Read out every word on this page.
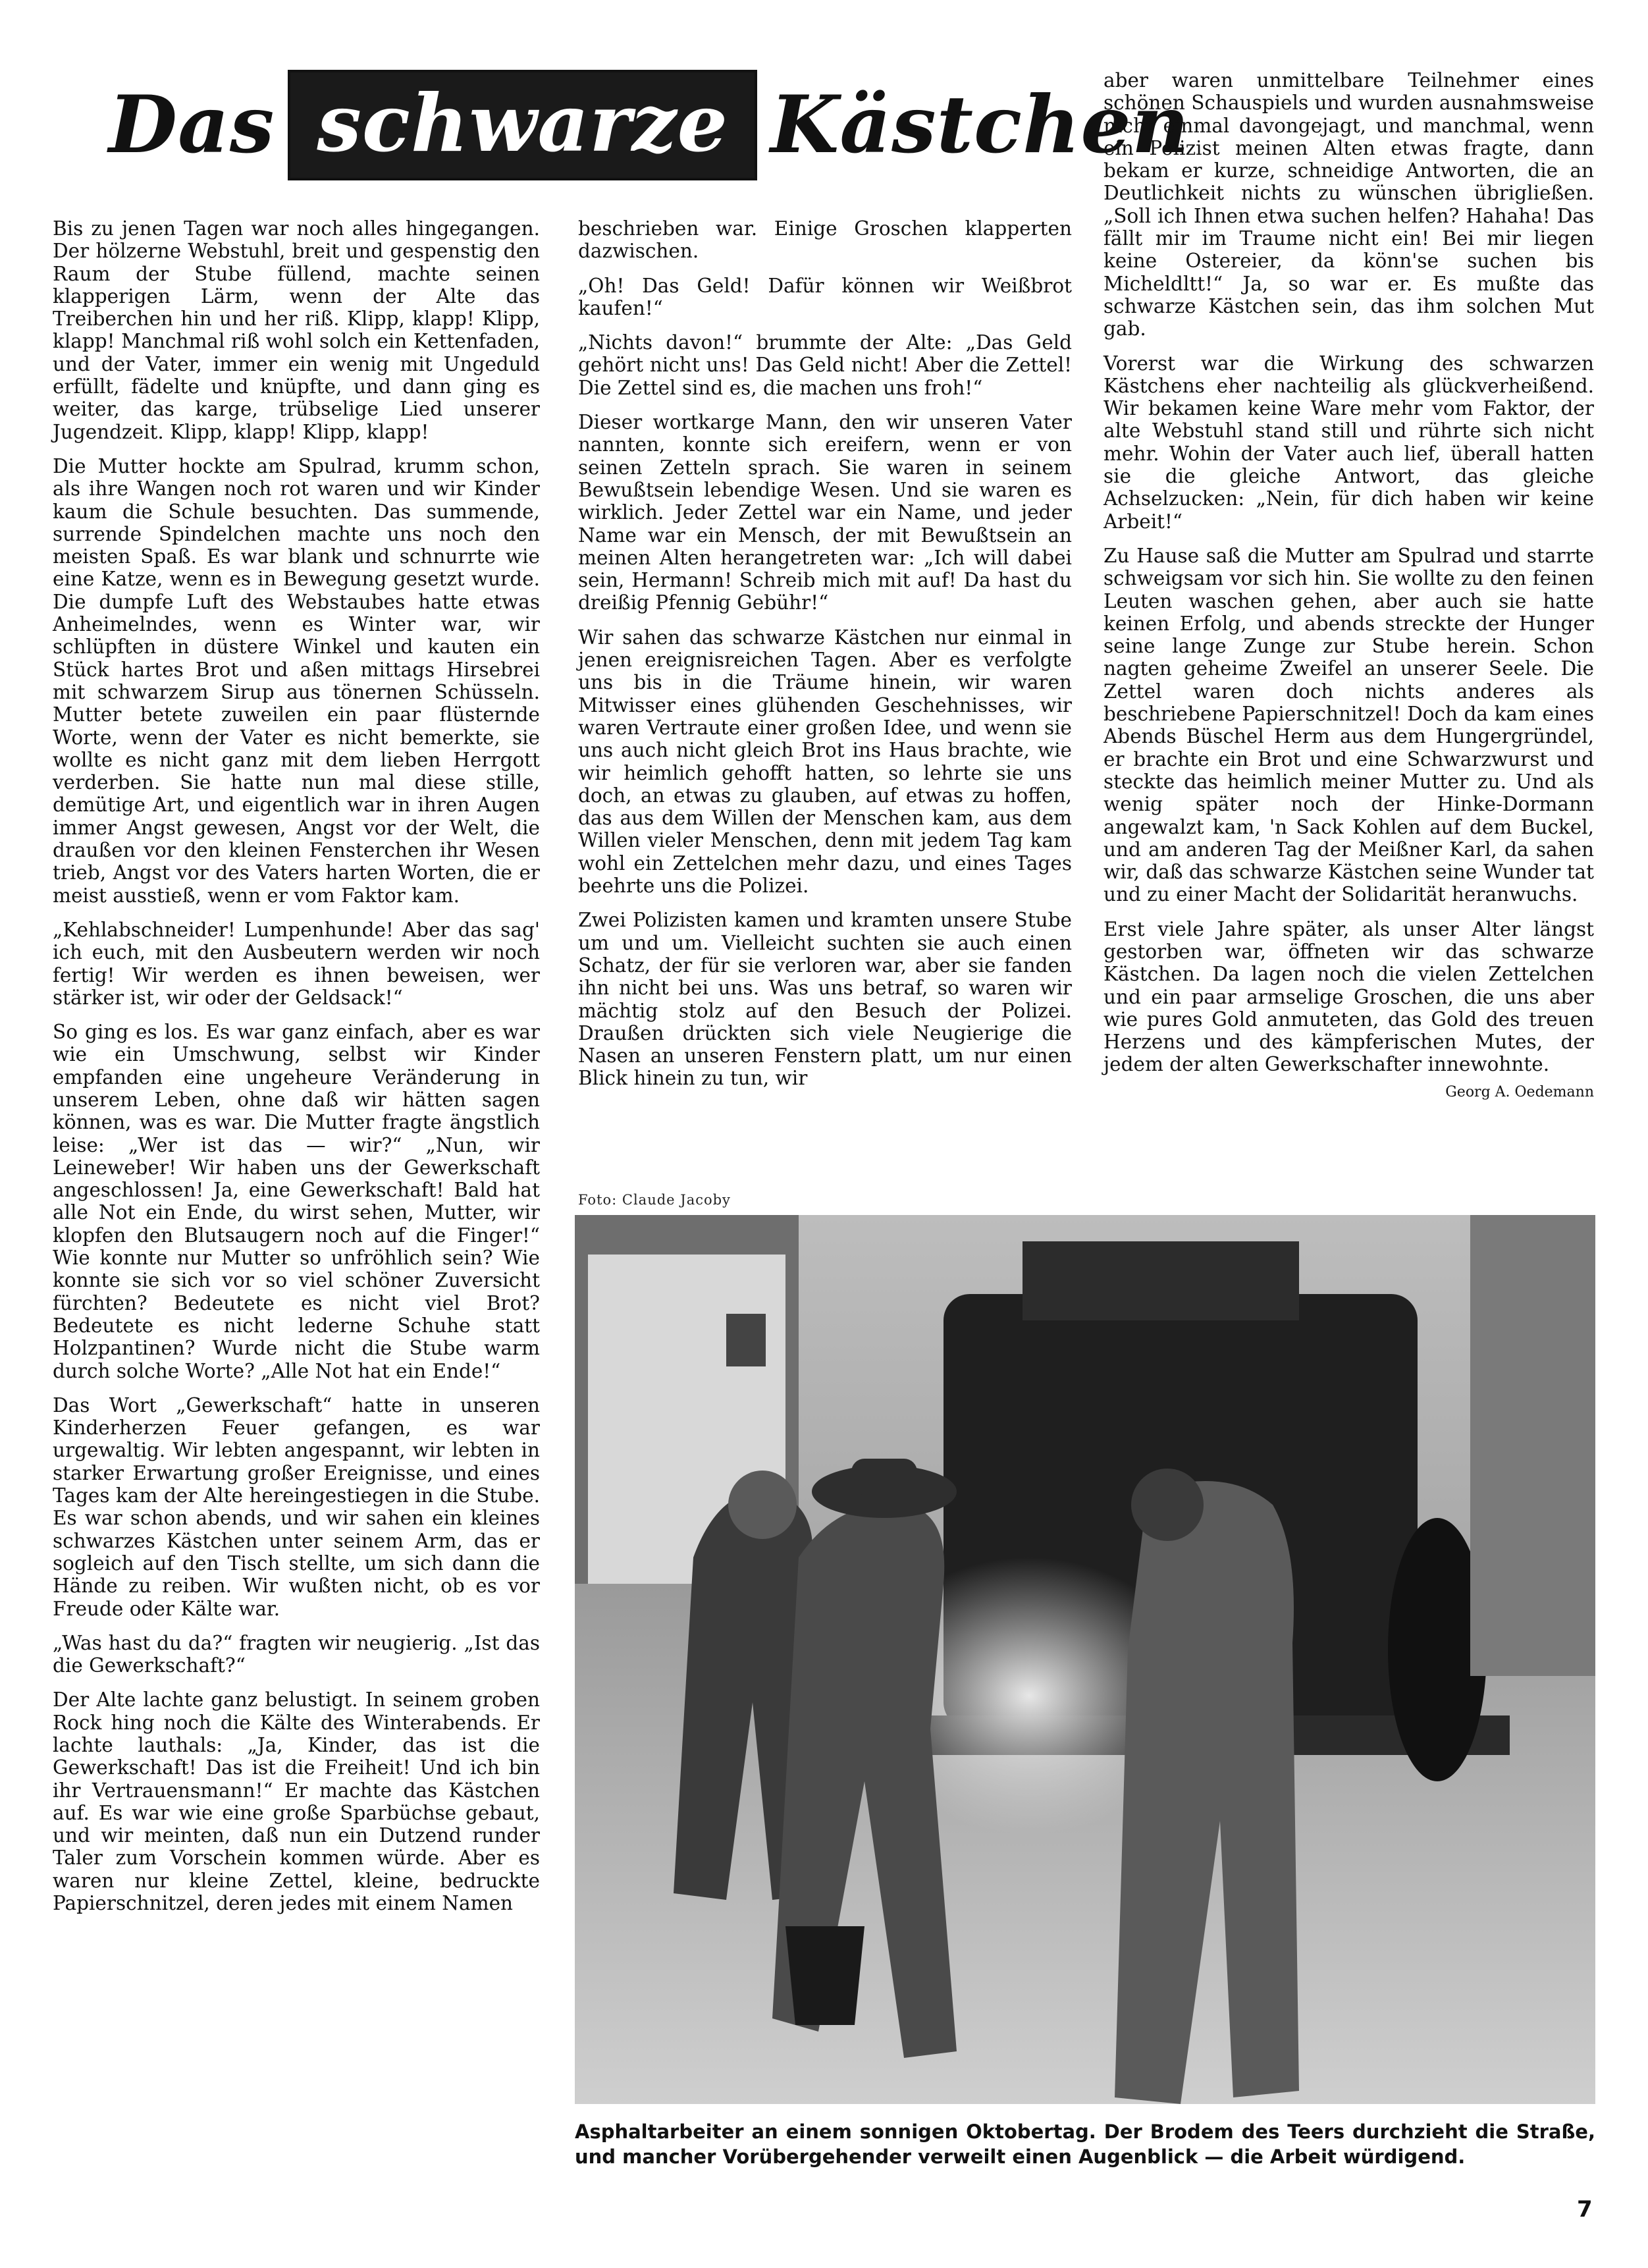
Das schwarze Kästchen

Bis zu jenen Tagen war noch alles hingegangen. Der hölzerne Webstuhl, breit und gespenstig den Raum der Stube füllend, machte seinen klapperigen Lärm, wenn der Alte das Treiberchen hin und her riß. Klipp, klapp! Klipp, klapp! Manchmal riß wohl solch ein Kettenfaden, und der Vater, immer ein wenig mit Ungeduld erfüllt, fädelte und knüpfte, und dann ging es weiter, das karge, trübselige Lied unserer Jugendzeit. Klipp, klapp! Klipp, klapp!

Die Mutter hockte am Spulrad, krumm schon, als ihre Wangen noch rot waren und wir Kinder kaum die Schule besuchten. Das summende, surrende Spindelchen machte uns noch den meisten Spaß. Es war blank und schnurrte wie eine Katze, wenn es in Bewegung gesetzt wurde. Die dumpfe Luft des Webstaubes hatte etwas Anheimelndes, wenn es Winter war, wir schlüpften in düstere Winkel und kauten ein Stück hartes Brot und aßen mittags Hirsebrei mit schwarzem Sirup aus tönernen Schüsseln. Mutter betete zuweilen ein paar flüsternde Worte, wenn der Vater es nicht bemerkte, sie wollte es nicht ganz mit dem lieben Herrgott verderben. Sie hatte nun mal diese stille, demütige Art, und eigentlich war in ihren Augen immer Angst gewesen, Angst vor der Welt, die draußen vor den kleinen Fensterchen ihr Wesen trieb, Angst vor des Vaters harten Worten, die er meist ausstieß, wenn er vom Faktor kam.

„Kehlabschneider! Lumpenhunde! Aber das sag' ich euch, mit den Ausbeutern werden wir noch fertig! Wir werden es ihnen beweisen, wer stärker ist, wir oder der Geldsack!“

So ging es los. Es war ganz einfach, aber es war wie ein Umschwung, selbst wir Kinder empfanden eine ungeheure Veränderung in unserem Leben, ohne daß wir hätten sagen können, was es war. Die Mutter fragte ängstlich leise: „Wer ist das — wir?“ „Nun, wir Leineweber! Wir haben uns der Gewerkschaft angeschlossen! Ja, eine Gewerkschaft! Bald hat alle Not ein Ende, du wirst sehen, Mutter, wir klopfen den Blutsaugern noch auf die Finger!“ Wie konnte nur Mutter so unfröhlich sein? Wie konnte sie sich vor so viel schöner Zuversicht fürchten? Bedeutete es nicht viel Brot? Bedeutete es nicht lederne Schuhe statt Holzpantinen? Wurde nicht die Stube warm durch solche Worte? „Alle Not hat ein Ende!“

Das Wort „Gewerkschaft“ hatte in unseren Kinderherzen Feuer gefangen, es war urgewaltig. Wir lebten angespannt, wir lebten in starker Erwartung großer Ereignisse, und eines Tages kam der Alte hereingestiegen in die Stube. Es war schon abends, und wir sahen ein kleines schwarzes Kästchen unter seinem Arm, das er sogleich auf den Tisch stellte, um sich dann die Hände zu reiben. Wir wußten nicht, ob es vor Freude oder Kälte war.

„Was hast du da?“ fragten wir neugierig. „Ist das die Gewerkschaft?“

Der Alte lachte ganz belustigt. In seinem groben Rock hing noch die Kälte des Winterabends. Er lachte lauthals: „Ja, Kinder, das ist die Gewerkschaft! Das ist die Freiheit! Und ich bin ihr Vertrauensmann!“ Er machte das Kästchen auf. Es war wie eine große Sparbüchse gebaut, und wir meinten, daß nun ein Dutzend runder Taler zum Vorschein kommen würde. Aber es waren nur kleine Zettel, kleine, bedruckte Papierschnitzel, deren jedes mit einem Namen

beschrieben war. Einige Groschen klapperten dazwischen.

„Oh! Das Geld! Dafür können wir Weißbrot kaufen!“

„Nichts davon!“ brummte der Alte: „Das Geld gehört nicht uns! Das Geld nicht! Aber die Zettel! Die Zettel sind es, die machen uns froh!“

Dieser wortkarge Mann, den wir unseren Vater nannten, konnte sich ereifern, wenn er von seinen Zetteln sprach. Sie waren in seinem Bewußtsein lebendige Wesen. Und sie waren es wirklich. Jeder Zettel war ein Name, und jeder Name war ein Mensch, der mit Bewußtsein an meinen Alten herangetreten war: „Ich will dabei sein, Hermann! Schreib mich mit auf! Da hast du dreißig Pfennig Gebühr!“

Wir sahen das schwarze Kästchen nur einmal in jenen ereignisreichen Tagen. Aber es verfolgte uns bis in die Träume hinein, wir waren Mitwisser eines glühenden Geschehnisses, wir waren Vertraute einer großen Idee, und wenn sie uns auch nicht gleich Brot ins Haus brachte, wie wir heimlich gehofft hatten, so lehrte sie uns doch, an etwas zu glauben, auf etwas zu hoffen, das aus dem Willen der Menschen kam, aus dem Willen vieler Menschen, denn mit jedem Tag kam wohl ein Zettelchen mehr dazu, und eines Tages beehrte uns die Polizei.

Zwei Polizisten kamen und kramten unsere Stube um und um. Vielleicht suchten sie auch einen Schatz, der für sie verloren war, aber sie fanden ihn nicht bei uns. Was uns betraf, so waren wir mächtig stolz auf den Besuch der Polizei. Draußen drückten sich viele Neugierige die Nasen an unseren Fenstern platt, um nur einen Blick hinein zu tun, wir

aber waren unmittelbare Teilnehmer eines schönen Schauspiels und wurden ausnahmsweise nicht einmal davongejagt, und manchmal, wenn ein Polizist meinen Alten etwas fragte, dann bekam er kurze, schneidige Antworten, die an Deutlichkeit nichts zu wünschen übrigließen. „Soll ich Ihnen etwa suchen helfen? Hahaha! Das fällt mir im Traume nicht ein! Bei mir liegen keine Ostereier, da könn'se suchen bis Micheldltt!“ Ja, so war er. Es mußte das schwarze Kästchen sein, das ihm solchen Mut gab.

Vorerst war die Wirkung des schwarzen Kästchens eher nachteilig als glückverheißend. Wir bekamen keine Ware mehr vom Faktor, der alte Webstuhl stand still und rührte sich nicht mehr. Wohin der Vater auch lief, überall hatten sie die gleiche Antwort, das gleiche Achselzucken: „Nein, für dich haben wir keine Arbeit!“

Zu Hause saß die Mutter am Spulrad und starrte schweigsam vor sich hin. Sie wollte zu den feinen Leuten waschen gehen, aber auch sie hatte keinen Erfolg, und abends streckte der Hunger seine lange Zunge zur Stube herein. Schon nagten geheime Zweifel an unserer Seele. Die Zettel waren doch nichts anderes als beschriebene Papierschnitzel! Doch da kam eines Abends Büschel Herm aus dem Hungergründel, er brachte ein Brot und eine Schwarzwurst und steckte das heimlich meiner Mutter zu. Und als wenig später noch der Hinke-Dormann angewalzt kam, 'n Sack Kohlen auf dem Buckel, und am anderen Tag der Meißner Karl, da sahen wir, daß das schwarze Kästchen seine Wunder tat und zu einer Macht der Solidarität heranwuchs.

Erst viele Jahre später, als unser Alter längst gestorben war, öffneten wir das schwarze Kästchen. Da lagen noch die vielen Zettelchen und ein paar armselige Groschen, die uns aber wie pures Gold anmuteten, das Gold des treuen Herzens und des kämpferischen Mutes, der jedem der alten Gewerkschafter innewohnte.

Georg A. Oedemann
Foto: Claude Jacoby
Asphaltarbeiter an einem sonnigen Oktobertag. Der Brodem des Teers durchzieht die Straße, und mancher Vorübergehender verweilt einen Augenblick — die Arbeit würdigend.
7
